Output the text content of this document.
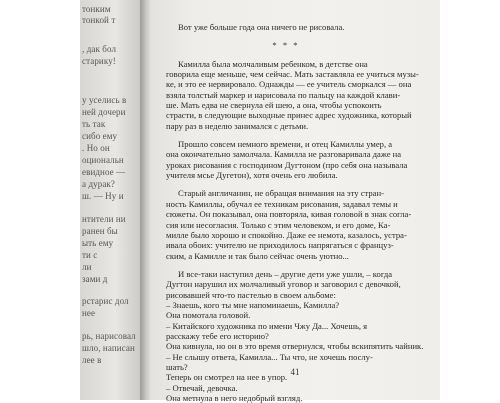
тонким
тонкой т
, дак бол
старику!
у уселись в
ней дочери
ть так
сибо ему
. Но он
оциональн
евидное —
а дурак?
ш. — Ну и
нтители ни
ранен бы
ыть ему
ти с
ли
зами д
рстарис дол
нее
рь, нарисовал
шло, написан
лее в
Вот уже больше года она ничего не рисовала.
* * *
Камилла была молчаливым ребенком, в детстве она
говорила еще меньше, чем сейчас. Мать заставляла ее учиться музы-
ке, и это ее нервировало. Однажды — ее учитель сморкался — она
взяла толстый маркер и нарисовала по пальцу на каждой клави-
ше. Мать едва не свернула ей шею, а она, чтобы успокоить
страсти, в следующие выходные принес адрес художника, который
пару раз в неделю занимался с детьми.
Прошло совсем немного времени, и отец Камиллы умер, а
она окончательно замолчала. Камилла не разговаривала даже на
уроках рисования с господином Дугтоном (про себя она называла
учителя мсье Дугетон), хотя очень его любила.
Старый англичанин, не обращая внимания на эту стран-
ность Камиллы, обучал ее техникам рисования, задавал темы и
сюжеты. Он показывал, она повторяла, кивая головой в знак согла-
сия или несогласия. Только с этим человеком, и его доме, Ка-
милле было хорошо и спокойно. Даже ее немота, казалось, устра-
ивала обоих: учителю не приходилось напрягаться с француз-
ским, а Камилле и так было сейчас очень уютно...
И все-таки наступил день – другие дети уже ушли, – когда
Дугтон нарушил их молчаливый уговор и заговорил с девочкой,
рисовавшей что-то пастелью в своем альбоме:
– Знаешь, кого ты мне напоминаешь, Камилла?
Она помотала головой.
– Китайского художника по имени Чжу Да... Хочешь, я
расскажу тебе его историю?
Она кивнула, но он в это время отвернулся, чтобы вскипятить чайник.
– Не слышу ответа, Камилла... Ты что, не хочешь послу-
шать?
Теперь он смотрел на нее в упор.
– Отвечай, девочка.
Она метнула в него недобрый взгляд.
41
